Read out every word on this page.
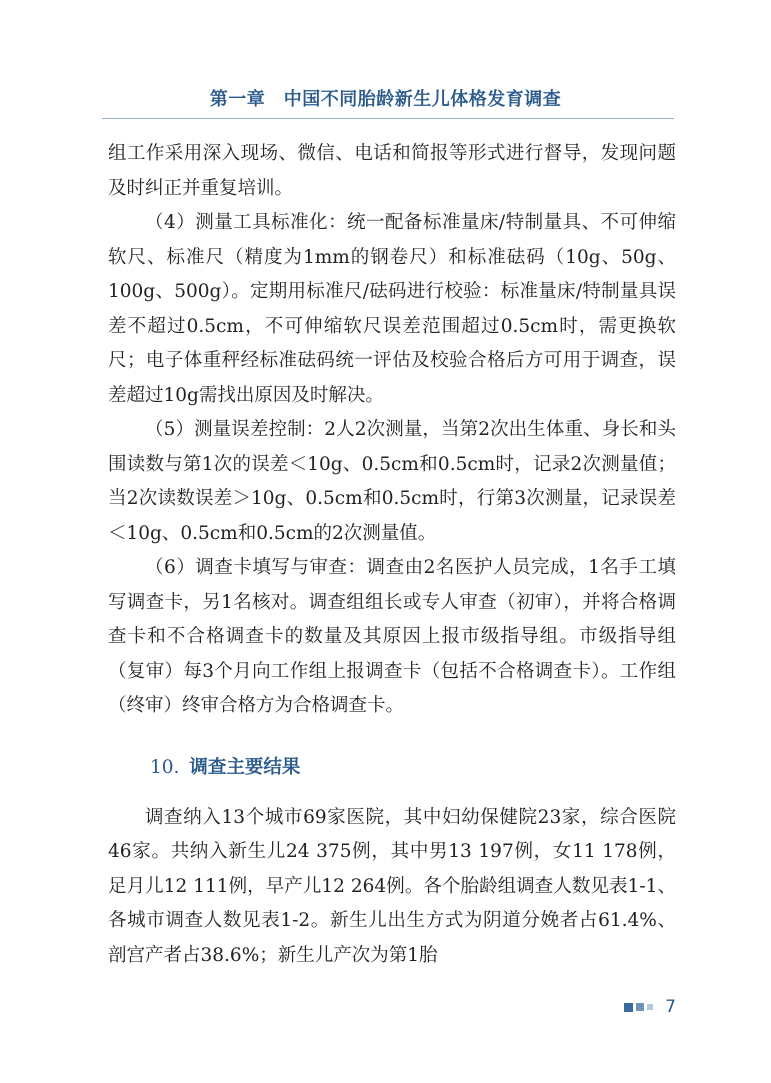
第一章　中国不同胎龄新生儿体格发育调查

组工作采用深入现场、微信、电话和简报等形式进行督导，发现问题及时纠正并重复培训。

（4）测量工具标准化：统一配备标准量床/特制量具、不可伸缩软尺、标准尺（精度为1mm的钢卷尺）和标准砝码（10g、50g、100g、500g）。定期用标准尺/砝码进行校验：标准量床/特制量具误差不超过0.5cm，不可伸缩软尺误差范围超过0.5cm时，需更换软尺；电子体重秤经标准砝码统一评估及校验合格后方可用于调查，误差超过10g需找出原因及时解决。

（5）测量误差控制：2人2次测量，当第2次出生体重、身长和头围读数与第1次的误差＜10g、0.5cm和0.5cm时，记录2次测量值；当2次读数误差＞10g、0.5cm和0.5cm时，行第3次测量，记录误差＜10g、0.5cm和0.5cm的2次测量值。

（6）调查卡填写与审查：调查由2名医护人员完成，1名手工填写调查卡，另1名核对。调查组组长或专人审查（初审），并将合格调查卡和不合格调查卡的数量及其原因上报市级指导组。市级指导组（复审）每3个月向工作组上报调查卡（包括不合格调查卡）。工作组（终审）终审合格方为合格调查卡。

10. 调查主要结果

调查纳入13个城市69家医院，其中妇幼保健院23家，综合医院46家。共纳入新生儿24 375例，其中男13 197例，女11 178例，足月儿12 111例，早产儿12 264例。各个胎龄组调查人数见表1-1、各城市调查人数见表1-2。新生儿出生方式为阴道分娩者占61.4%、剖宫产者占38.6%；新生儿产次为第1胎

7
